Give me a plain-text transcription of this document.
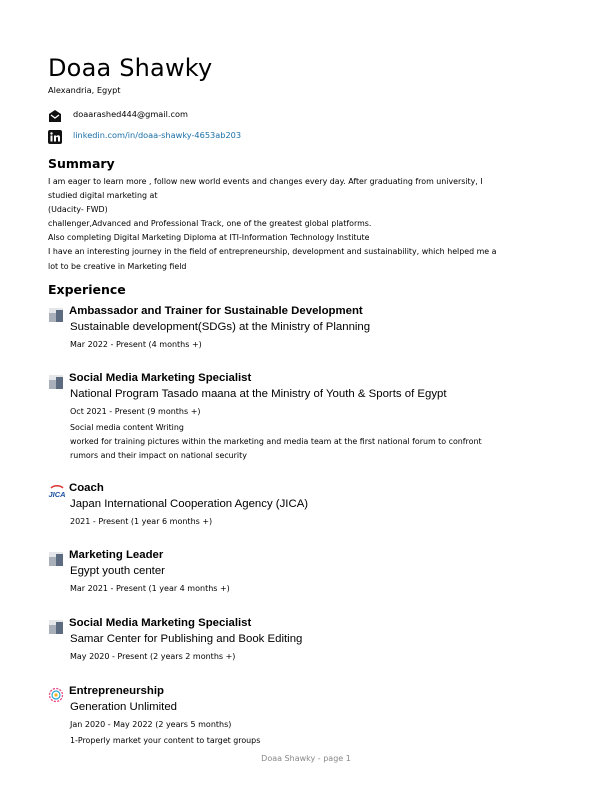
Doaa Shawky
Alexandria, Egypt
doaarashed444@gmail.com
linkedin.com/in/doaa-shawky-4653ab203
Summary
I am eager to learn more , follow new world events and changes every day. After graduating from university, I
studied digital marketing at
(Udacity- FWD)
challenger,Advanced and Professional Track, one of the greatest global platforms.
Also completing Digital Marketing Diploma at ITI-Information Technology Institute
I have an interesting journey in the field of entrepreneurship, development and sustainability, which helped me a
lot to be creative in Marketing field
Experience
Ambassador and Trainer for Sustainable Development
Sustainable development(SDGs) at the Ministry of Planning
Mar 2022 - Present (4 months +)
Social Media Marketing Specialist
National Program Tasado maana at the Ministry of Youth & Sports of Egypt
Oct 2021 - Present (9 months +)
Social media content Writing
worked for training pictures within the marketing and media team at the first national forum to confront
rumors and their impact on national security
JICA
Coach
Japan International Cooperation Agency (JICA)
2021 - Present (1 year 6 months +)
Marketing Leader
Egypt youth center
Mar 2021 - Present (1 year 4 months +)
Social Media Marketing Specialist
Samar Center for Publishing and Book Editing
May 2020 - Present (2 years 2 months +)
Entrepreneurship
Generation Unlimited
Jan 2020 - May 2022 (2 years 5 months)
1-Properly market your content to target groups
Doaa Shawky - page 1
